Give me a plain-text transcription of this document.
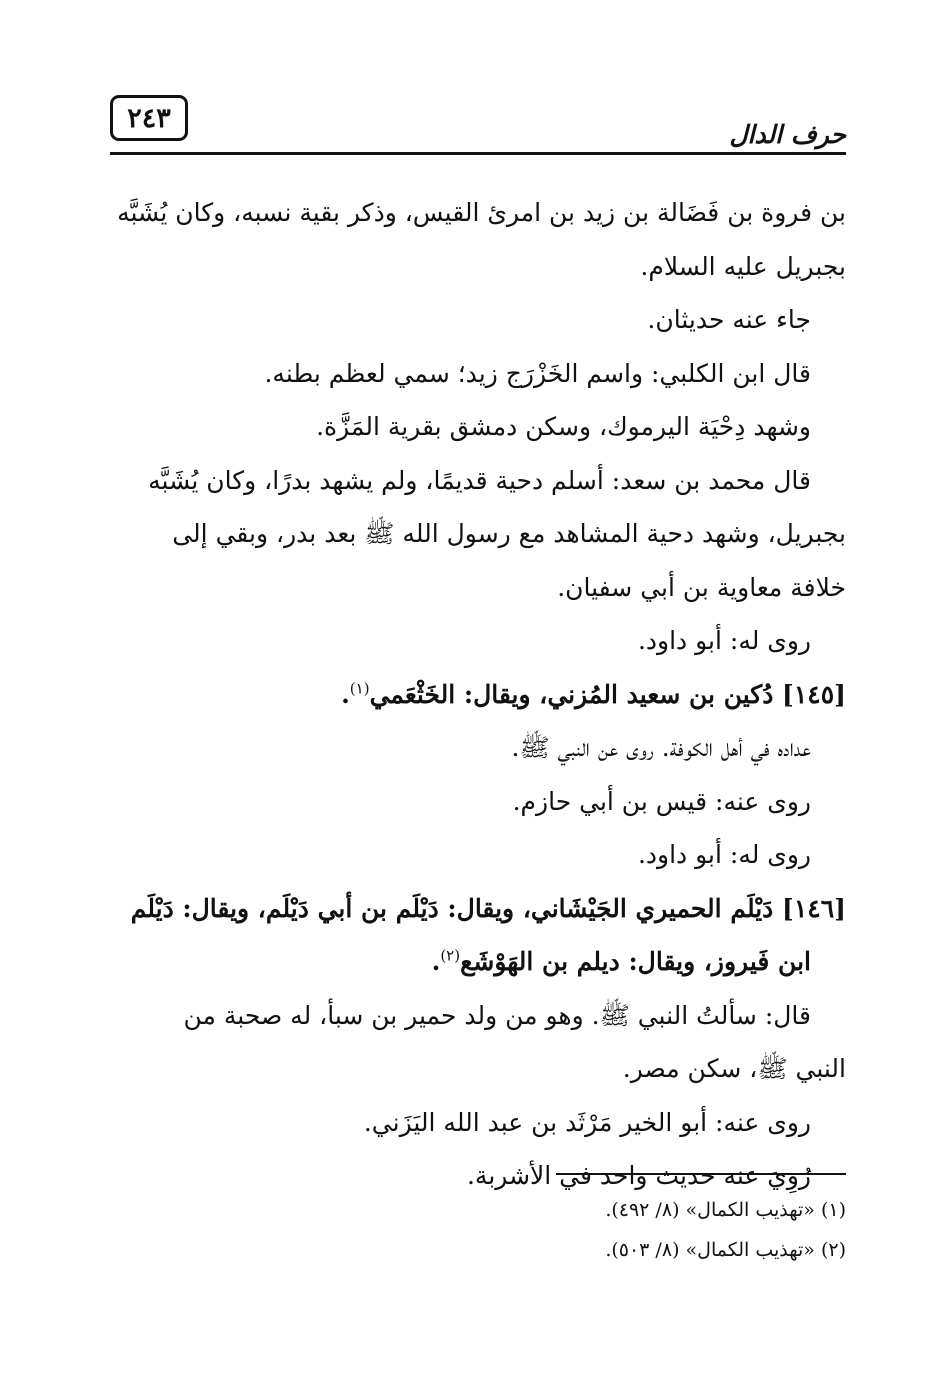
حرف الدال
٢٤٣

بن فروة بن فَضَالة بن زيد بن امرئ القيس، وذكر بقية نسبه، وكان يُشَبَّه

بجبريل عليه السلام.

جاء عنه حديثان.

قال ابن الكلبي: واسم الخَزْرَج زيد؛ سمي لعظم بطنه.

وشهد دِحْيَة اليرموك، وسكن دمشق بقرية المَزَّة.

قال محمد بن سعد: أسلم دحية قديمًا، ولم يشهد بدرًا، وكان يُشَبَّه

بجبريل، وشهد دحية المشاهد مع رسول الله ﷺ بعد بدر، وبقي إلى

خلافة معاوية بن أبي سفيان.

روى له: أبو داود.

[١٤٥] دُكين بن سعيد المُزني، ويقال: الخَثْعَمي$^{(١)}$.

عداده في أهل الكوفة. روى عن النبي ﷺ.

روى عنه: قيس بن أبي حازم.

روى له: أبو داود.

[١٤٦] دَيْلَم الحميري الجَيْشَاني، ويقال: دَيْلَم بن أبي دَيْلَم، ويقال: دَيْلَم

ابن فَيروز، ويقال: ديلم بن الهَوْشَع$^{(٢)}$.

قال: سألتُ النبي ﷺ. وهو من ولد حمير بن سبأ، له صحبة من

النبي ﷺ، سكن مصر.

روى عنه: أبو الخير مَرْثَد بن عبد الله اليَزَني.

رُوِيَ عنه حديث واحد في الأشربة.

(١) «تهذيب الكمال» (٨/ ٤٩٢).

(٢) «تهذيب الكمال» (٨/ ٥٠٣).
